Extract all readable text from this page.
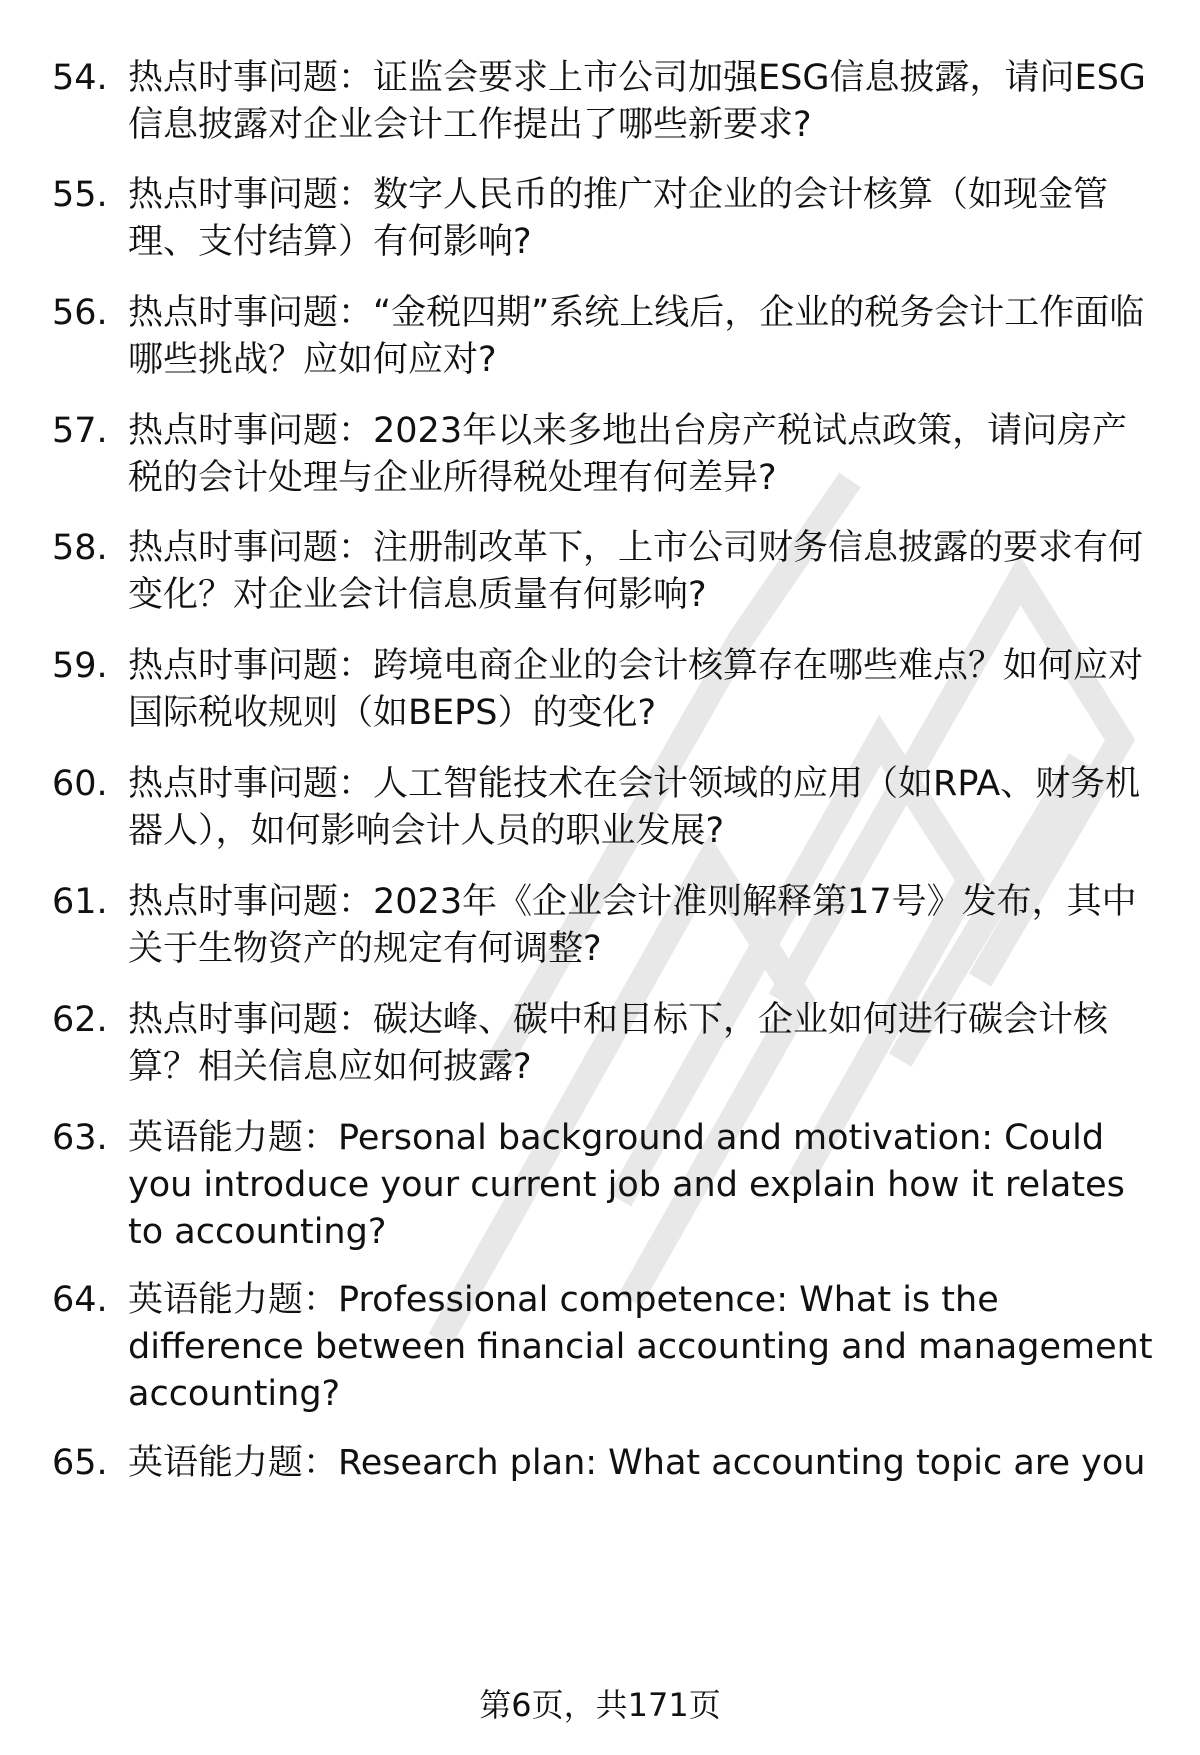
54. 热点时事问题：证监会要求上市公司加强ESG信息披露，请问ESG信息披露对企业会计工作提出了哪些新要求?
55. 热点时事问题：数字人民币的推广对企业的会计核算（如现金管理、支付结算）有何影响?
56. 热点时事问题：“金税四期”系统上线后，企业的税务会计工作面临哪些挑战？应如何应对?
57. 热点时事问题：2023年以来多地出台房产税试点政策，请问房产税的会计处理与企业所得税处理有何差异?
58. 热点时事问题：注册制改革下，上市公司财务信息披露的要求有何变化？对企业会计信息质量有何影响?
59. 热点时事问题：跨境电商企业的会计核算存在哪些难点？如何应对国际税收规则（如BEPS）的变化?
60. 热点时事问题：人工智能技术在会计领域的应用（如RPA、财务机器人），如何影响会计人员的职业发展?
61. 热点时事问题：2023年《企业会计准则解释第17号》发布，其中关于生物资产的规定有何调整?
62. 热点时事问题：碳达峰、碳中和目标下，企业如何进行碳会计核算？相关信息应如何披露?
63. 英语能力题：Personal background and motivation: Could you introduce your current job and explain how it relates to accounting?
64. 英语能力题：Professional competence: What is the difference between financial accounting and management accounting?
65. 英语能力题：Research plan: What accounting topic are you
第6页，共171页
